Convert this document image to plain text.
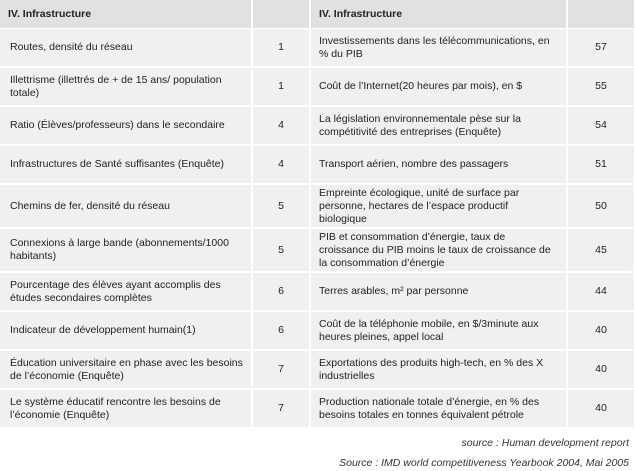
IV. Infrastructure		IV. Infrastructure	
Routes, densité du réseau	1	Investissements dans les télécommunications, en % du PIB	57
Illettrisme (illettrés de + de 15 ans/ population totale)	1	Coût de l’Internet(20 heures par mois), en $	55
Ratio (Élèves/professeurs) dans le secondaire	4	La législation environnementale pèse sur la compétitivité des entreprises (Enquête)	54
Infrastructures de Santé suffisantes (Enquête)	4	Transport aérien, nombre des passagers	51
Chemins de fer, densité du réseau	5	Empreinte écologique, unité de surface par personne, hectares de l’espace productif biologique	50
Connexions à large bande (abonnements/1000 habitants)	5	PIB et consommation d’énergie, taux de croissance du PIB moins le taux de croissance de la consommation d’énergie	45
Pourcentage des élèves ayant accomplis des études secondaires complètes	6	Terres arables, m² par personne	44
Indicateur de développement humain(1)	6	Coût de la téléphonie mobile, en $/3minute aux heures pleines, appel local	40
Éducation universitaire en phase avec les besoins de l’économie (Enquête)	7	Exportations des produits high-tech, en % des X industrielles	40
Le système éducatif rencontre les besoins de l’économie (Enquête)	7	Production nationale totale d’énergie, en % des besoins totales en tonnes équivalent pétrole	40
source : Human development report
Source : IMD world competitiveness Yearbook 2004, Mai 2005
